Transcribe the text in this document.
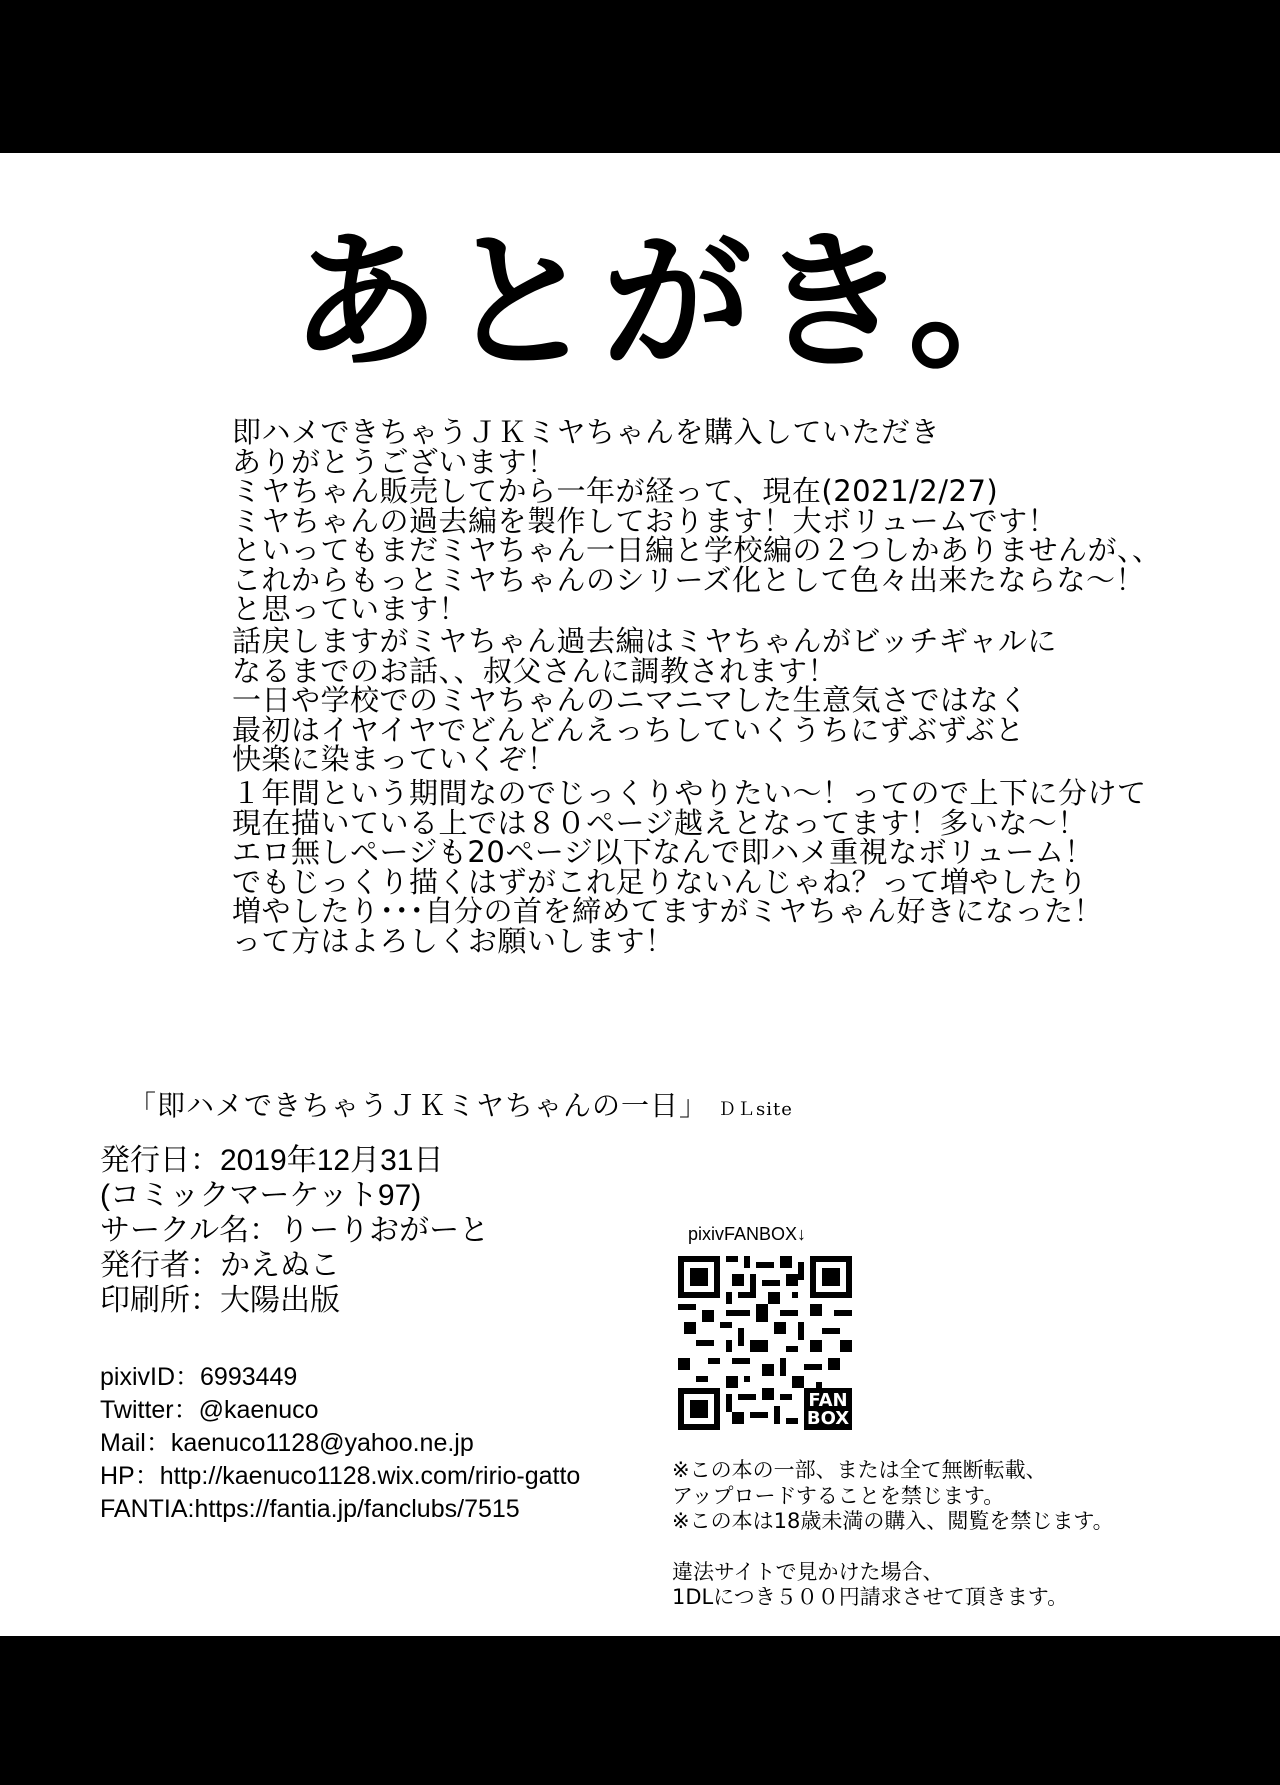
あとがき。
即ハメできちゃうＪＫミヤちゃんを購入していただき
ありがとうございます！
ミヤちゃん販売してから一年が経って、現在(2021/2/27)
ミヤちゃんの過去編を製作しております！大ボリュームです！
といってもまだミヤちゃん一日編と学校編の２つしかありませんが、、
これからもっとミヤちゃんのシリーズ化として色々出来たならな～！
と思っています！
話戻しますがミヤちゃん過去編はミヤちゃんがビッチギャルに
なるまでのお話、、叔父さんに調教されます！
一日や学校でのミヤちゃんのニマニマした生意気さではなく
最初はイヤイヤでどんどんえっちしていくうちにずぶずぶと
快楽に染まっていくぞ！
１年間という期間なのでじっくりやりたい～！ってので上下に分けて
現在描いている上では８０ページ越えとなってます！多いな～！
エロ無しページも20ページ以下なんで即ハメ重視なボリューム！
でもじっくり描くはずがこれ足りないんじゃね？って増やしたり
増やしたり･･･自分の首を締めてますがミヤちゃん好きになった！
って方はよろしくお願いします！
「即ハメできちゃうＪＫミヤちゃんの一日」 ＤＬsite
発行日：2019年12月31日
(コミックマーケット97)
サークル名：りーりおがーと
発行者：かえぬこ
印刷所：大陽出版
pixivID：6993449
Twitter：@kaenuco
Mail：kaenuco1128@yahoo.ne.jp
HP：http://kaenuco1128.wix.com/ririo-gatto
FANTIA:https://fantia.jp/fanclubs/7515
pixivFANBOX↓
FAN
BOX
※この本の一部、または全て無断転載、
アップロードすることを禁じます。
※この本は18歳未満の購入、閲覧を禁じます。
違法サイトで見かけた場合、
1DLにつき５００円請求させて頂きます。
